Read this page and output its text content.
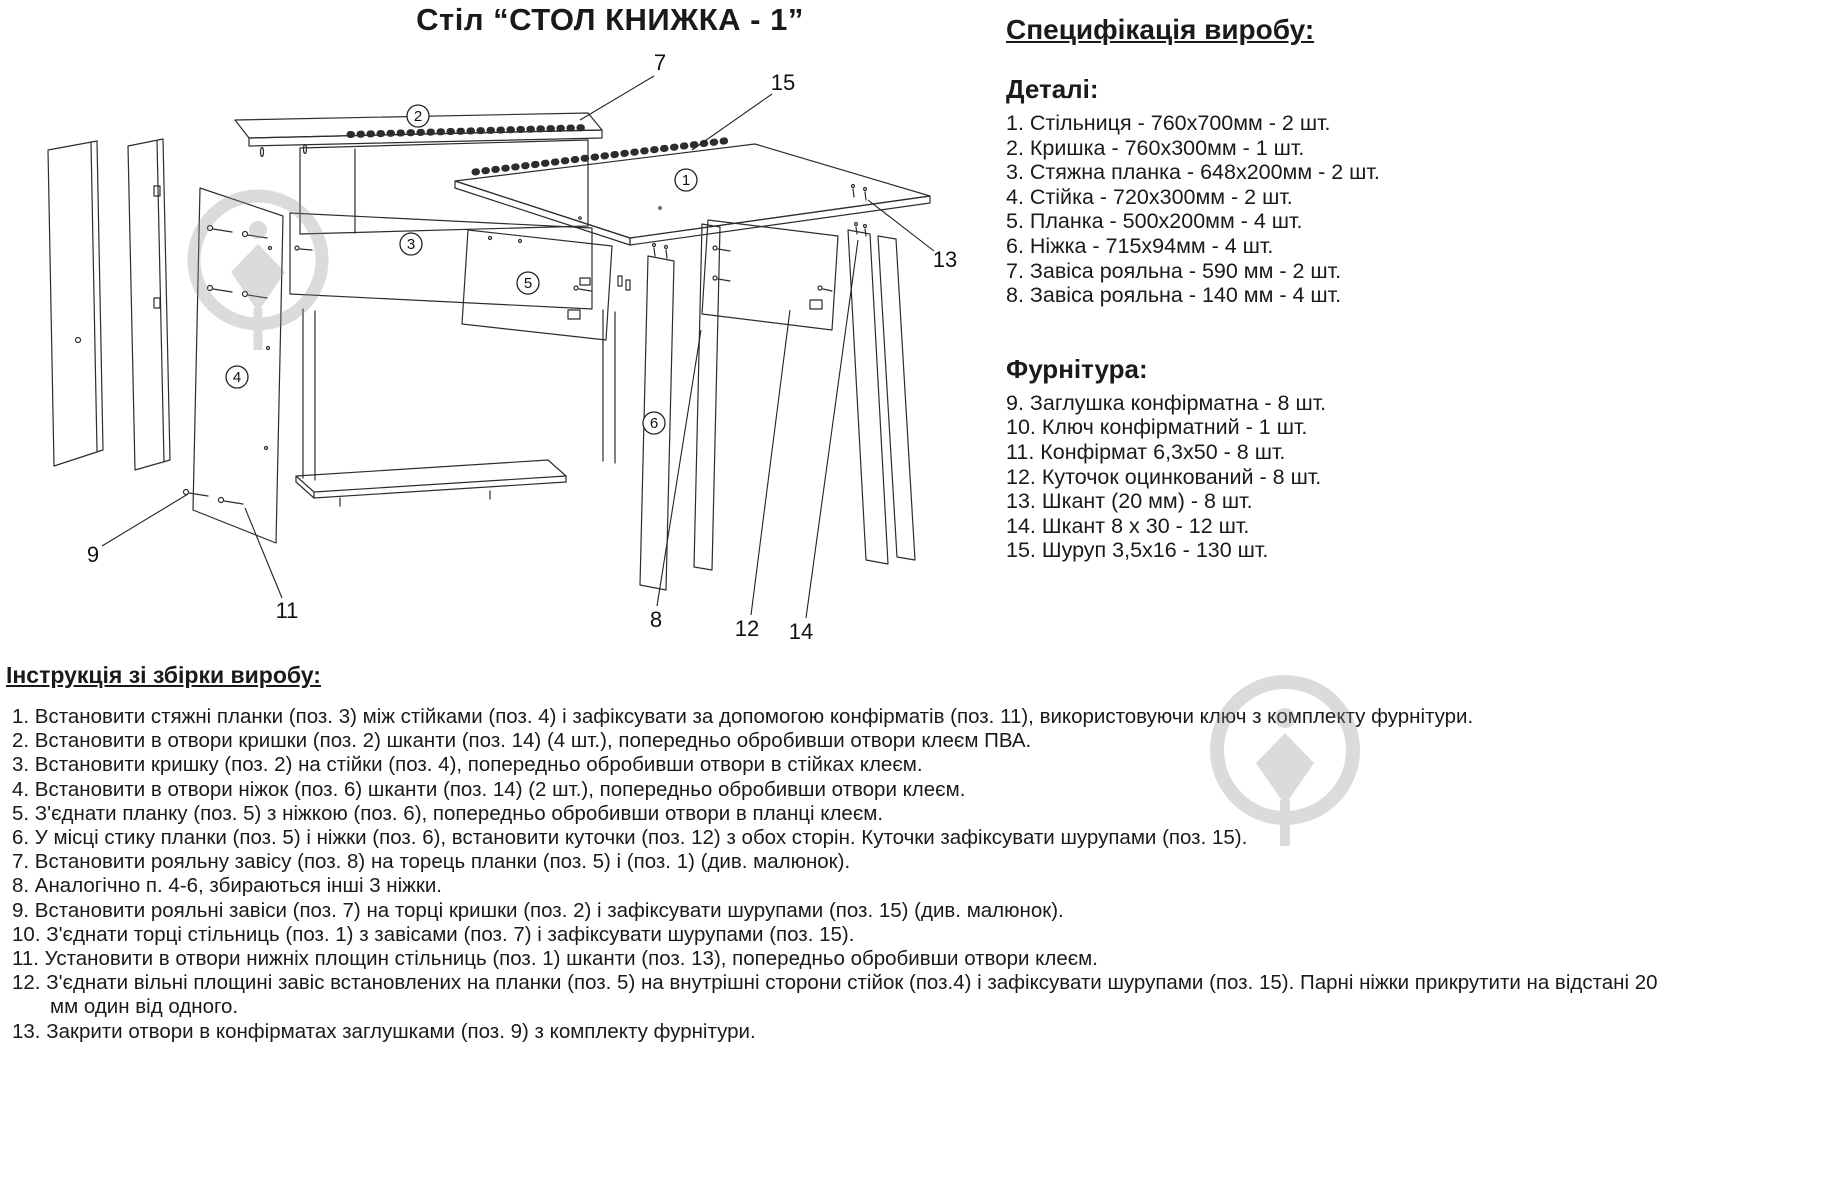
Стіл “СТОЛ КНИЖКА - 1”
2
1
3
5
4
6
7
15
13
9
11	8	12 14
Специфікація виробу:
Деталі:
1. Стільниця - 760х700мм - 2 шт.
2. Кришка - 760х300мм - 1 шт.
3. Стяжна планка - 648х200мм - 2 шт.
4. Стійка - 720х300мм - 2 шт.
5. Планка - 500х200мм - 4 шт.
6. Ніжка - 715х94мм - 4 шт.
7. Завіса рояльна - 590 мм - 2 шт.
8. Завіса рояльна - 140 мм - 4 шт.
Фурнітура:
9. Заглушка конфірматна - 8 шт.
10. Ключ конфірматний - 1 шт.
11. Конфірмат 6,3х50 - 8 шт.
12. Куточок оцинкований - 8 шт.
13. Шкант (20 мм) - 8 шт.
14. Шкант 8 х 30 - 12 шт.
15. Шуруп 3,5х16 - 130 шт.
Інструкція зі збірки виробу:

1. Встановити стяжні планки (поз. 3) між стійками (поз. 4) і зафіксувати за допомогою конфірматів (поз. 11), використовуючи ключ з комплекту фурнітури.

2. Встановити в отвори кришки (поз. 2) шканти (поз. 14) (4 шт.), попередньо обробивши отвори клеєм ПВА.

3. Встановити кришку (поз. 2) на стійки (поз. 4), попередньо обробивши отвори в стійках клеєм.

4. Встановити в отвори ніжок (поз. 6) шканти (поз. 14) (2 шт.), попередньо обробивши отвори клеєм.

5. З'єднати планку (поз. 5) з ніжкою (поз. 6), попередньо обробивши отвори в планці клеєм.

6. У місці стику планки (поз. 5) і ніжки (поз. 6), встановити куточки (поз. 12) з обох сторін. Куточки зафіксувати шурупами (поз. 15).

7. Встановити рояльну завісу (поз. 8) на торець планки (поз. 5) і (поз. 1) (див. малюнок).

8. Аналогічно п. 4-6, збираються інші 3 ніжки.

9. Встановити рояльні завіси (поз. 7) на торці кришки (поз. 2) і зафіксувати шурупами (поз. 15) (див. малюнок).

10. З'єднати торці стільниць (поз. 1) з завісами (поз. 7) і зафіксувати шурупами (поз. 15).

11. Установити в отвори нижніх площин стільниць (поз. 1) шканти (поз. 13), попередньо обробивши отвори клеєм.

12. З'єднати вільні площині завіс встановлених на планки (поз. 5) на внутрішні сторони стійок (поз.4) і зафіксувати шурупами (поз. 15). Парні ніжки прикрутити на відстані 20 мм один від одного.

13. Закрити отвори в конфірматах заглушками (поз. 9) з комплекту фурнітури.
